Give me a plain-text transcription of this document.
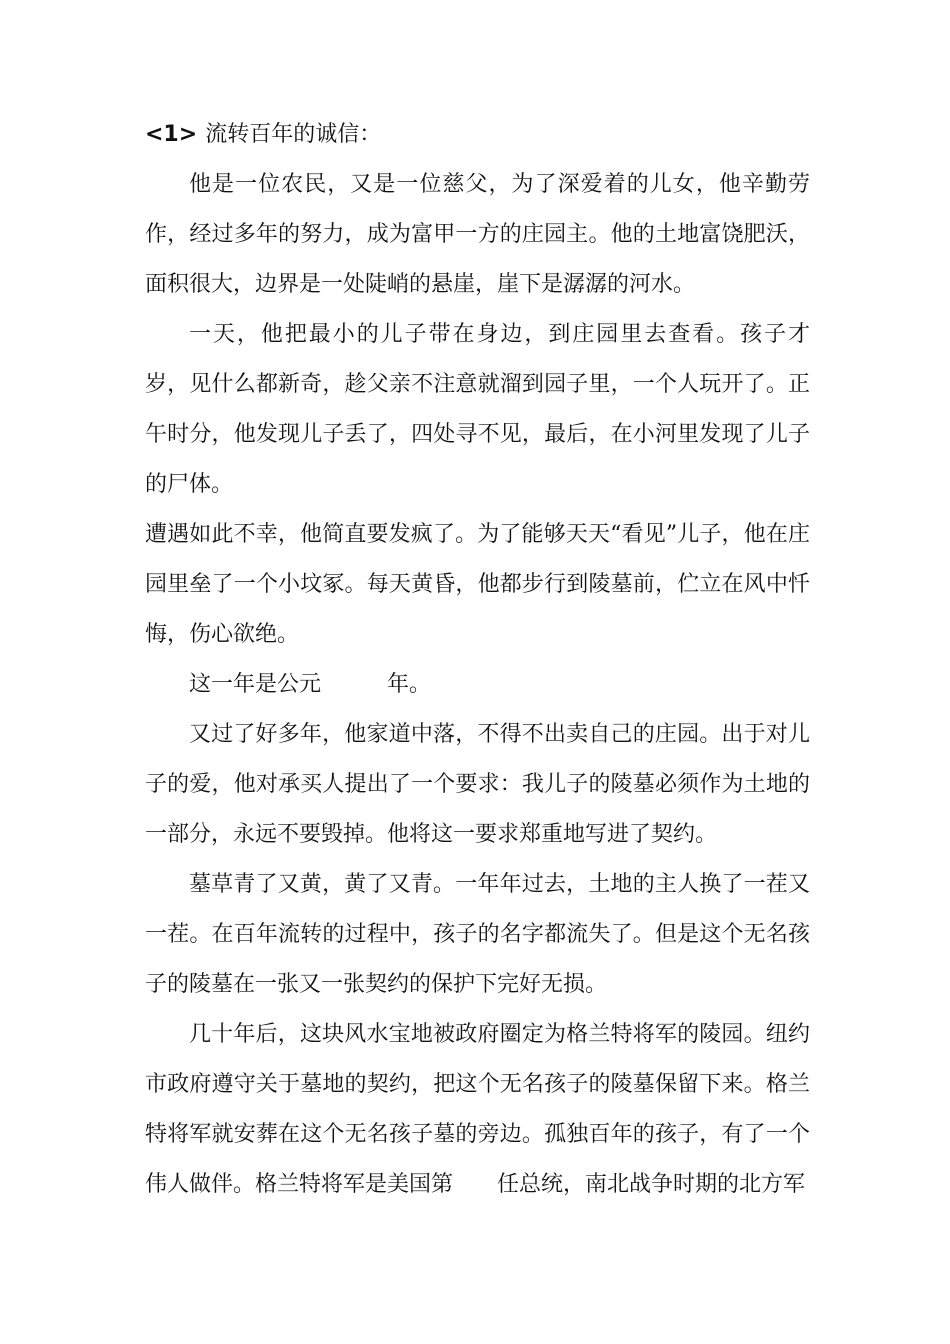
<1> 流转百年的诚信：

他是一位农民，又是一位慈父，为了深爱着的儿女，他辛勤劳作，经过多年的努力，成为富甲一方的庄园主。他的土地富饶肥沃，面积很大，边界是一处陡峭的悬崖，崖下是潺潺的河水。

一天，他把最小的儿子带在身边，到庄园里去查看。孩子才　 岁，见什么都新奇，趁父亲不注意就溜到园子里，一个人玩开了。正午时分，他发现儿子丢了，四处寻不见，最后，在小河里发现了儿子的尸体。

遭遇如此不幸，他简直要发疯了。为了能够天天“看见”儿子，他在庄园里垒了一个小坟冢。每天黄昏，他都步行到陵墓前，伫立在风中忏悔，伤心欲绝。

这一年是公元　　　年。

又过了好多年，他家道中落，不得不出卖自己的庄园。出于对儿子的爱，他对承买人提出了一个要求：我儿子的陵墓必须作为土地的一部分，永远不要毁掉。他将这一要求郑重地写进了契约。

墓草青了又黄，黄了又青。一年年过去，土地的主人换了一茬又一茬。在百年流转的过程中，孩子的名字都流失了。但是这个无名孩子的陵墓在一张又一张契约的保护下完好无损。

几十年后，这块风水宝地被政府圈定为格兰特将军的陵园。纽约市政府遵守关于墓地的契约，把这个无名孩子的陵墓保留下来。格兰特将军就安葬在这个无名孩子墓的旁边。孤独百年的孩子，有了一个伟人做伴。格兰特将军是美国第　　任总统，南北战争时期的北方军
